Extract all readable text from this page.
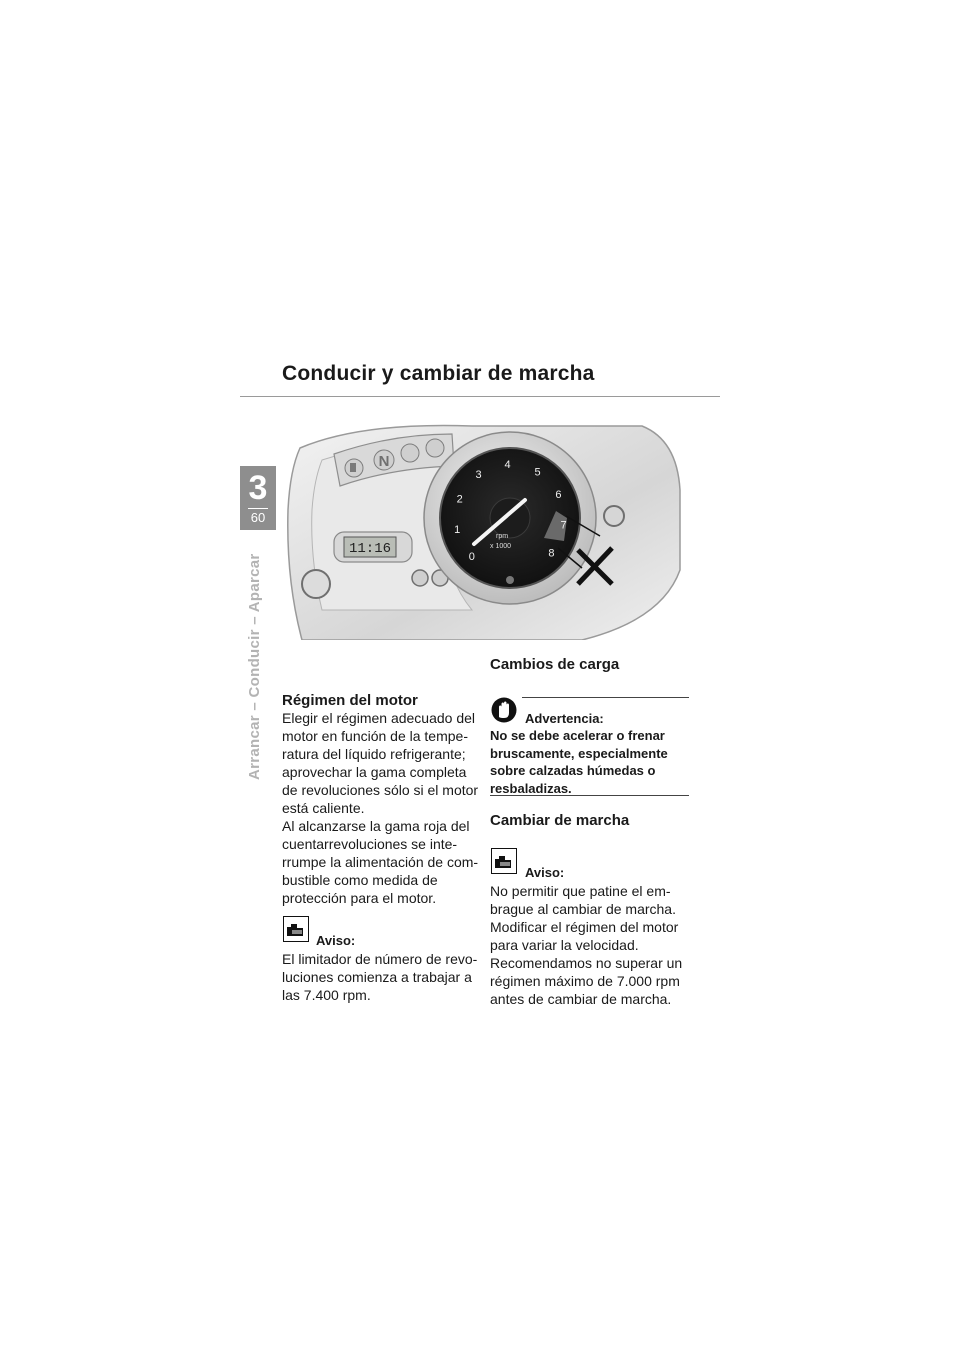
Conducir y cambiar de marcha
3
60
Arrancar – Conducir – Aparcar
N
11:16
rpm
x 1000
0
1
2
3
4
5
6
7
8
Régimen del motor

Elegir el régimen adecuado del

motor en función de la tempe-

ratura del líquido refrigerante;

aprovechar la gama completa

de revoluciones sólo si el motor

está caliente.

Al alcanzarse la gama roja del

cuentarrevoluciones se inte-

rrumpe la alimentación de com-

bustible como medida de

protección para el motor.

Aviso:

El limitador de número de revo-

luciones comienza a trabajar a

las 7.400 rpm.

Cambios de carga
Advertencia:
No se debe acelerar o frenar
bruscamente, especialmente
sobre calzadas húmedas o
resbaladizas.
Cambiar de marcha
Aviso:

No permitir que patine el em-

brague al cambiar de marcha.

Modificar el régimen del motor

para variar la velocidad.

Recomendamos no superar un

régimen máximo de 7.000 rpm

antes de cambiar de marcha.
